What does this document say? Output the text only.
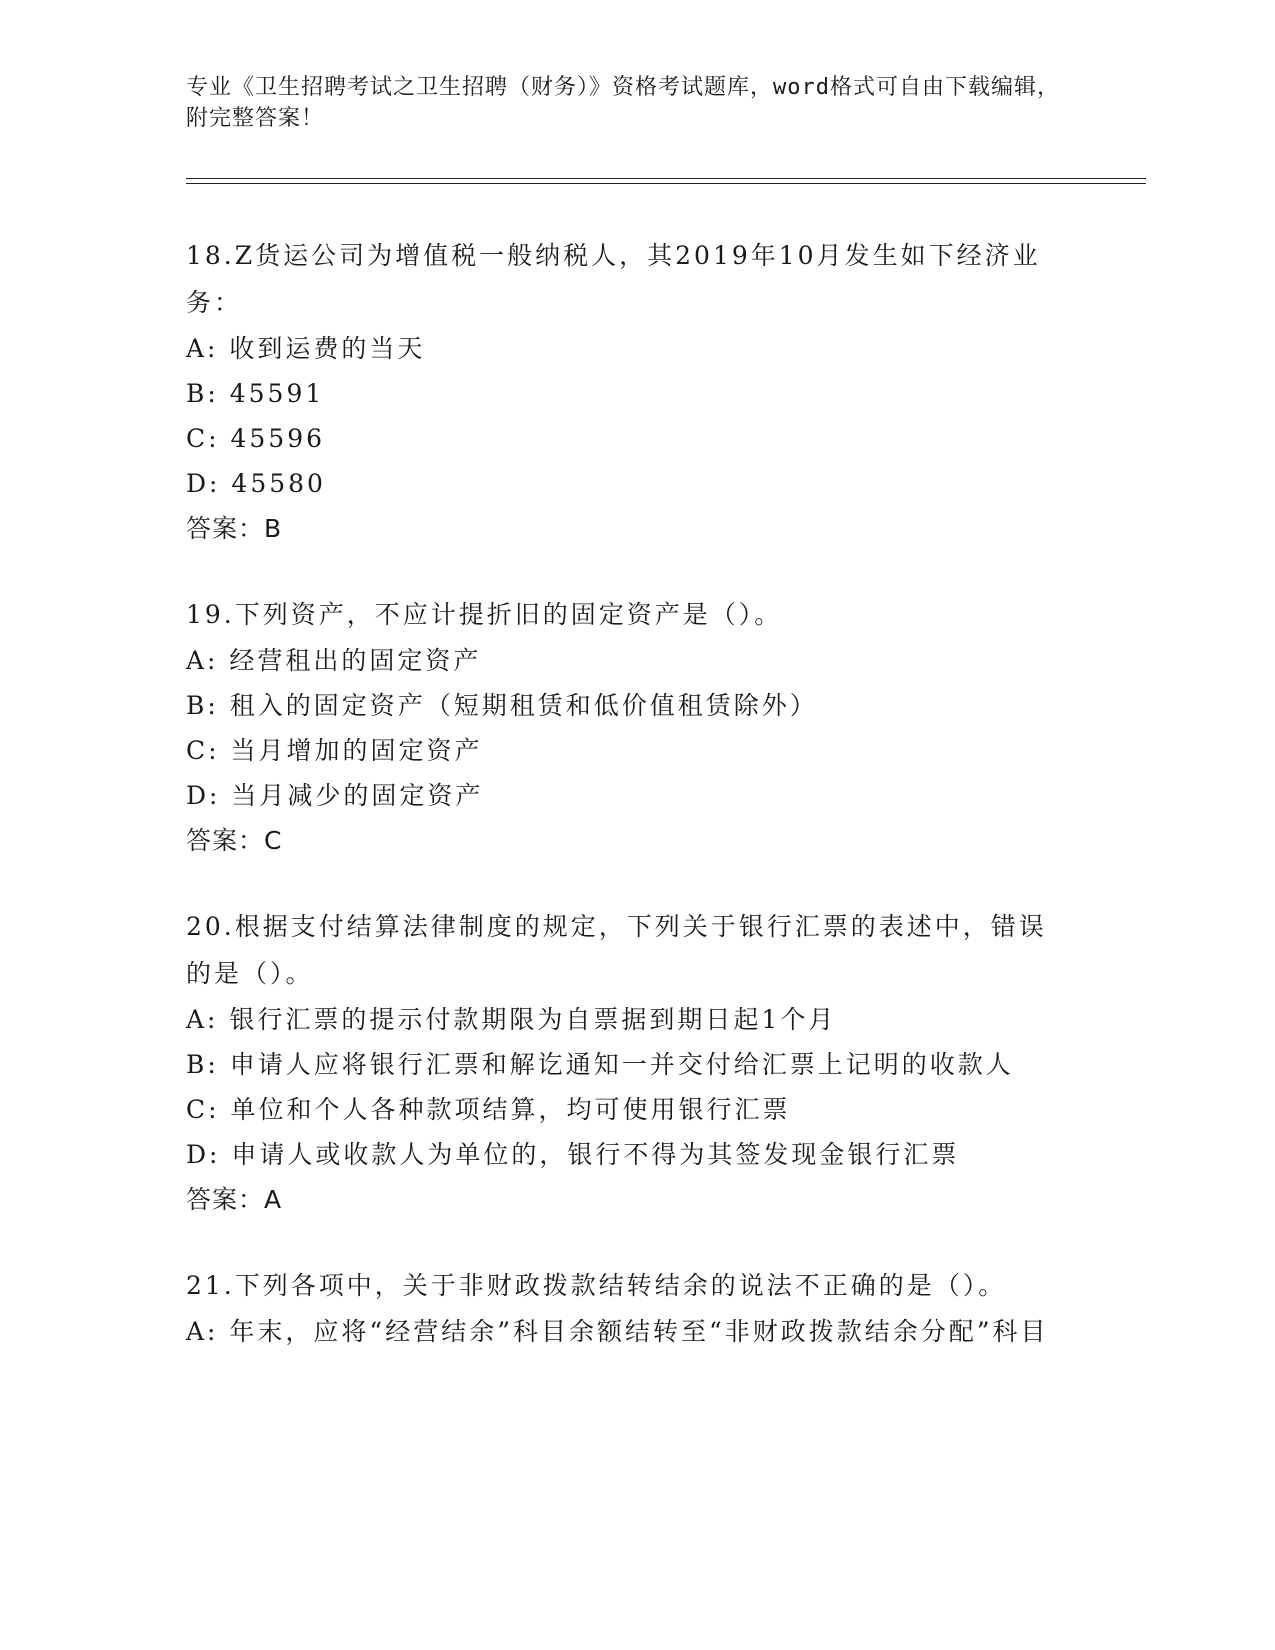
专业《卫生招聘考试之卫生招聘（财务）》资格考试题库，word格式可自由下载编辑，附完整答案！

18.Z货运公司为增值税一般纳税人，其2019年10月发生如下经济业务：

A: 收到运费的当天

B: 45591

C: 45596

D: 45580

答案：B

19.下列资产，不应计提折旧的固定资产是（）。

A: 经营租出的固定资产

B: 租入的固定资产（短期租赁和低价值租赁除外）

C: 当月增加的固定资产

D: 当月减少的固定资产

答案：C

20.根据支付结算法律制度的规定，下列关于银行汇票的表述中，错误的是（）。

A: 银行汇票的提示付款期限为自票据到期日起1个月

B: 申请人应将银行汇票和解讫通知一并交付给汇票上记明的收款人

C: 单位和个人各种款项结算，均可使用银行汇票

D: 申请人或收款人为单位的，银行不得为其签发现金银行汇票

答案：A

21.下列各项中，关于非财政拨款结转结余的说法不正确的是（）。

A: 年末，应将“经营结余”科目余额结转至“非财政拨款结余分配”科目
